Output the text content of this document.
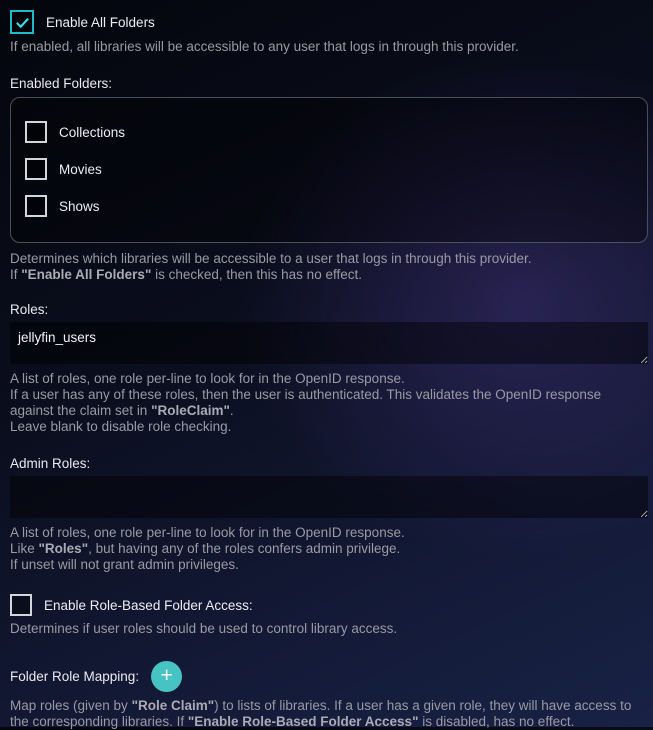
Enable All Folders
If enabled, all libraries will be accessible to any user that logs in through this provider.
Enabled Folders:
Collections
Movies
Shows
Determines which libraries will be accessible to a user that logs in through this provider.
If "Enable All Folders" is checked, then this has no effect.
Roles:
jellyfin_users
A list of roles, one role per-line to look for in the OpenID response.
If a user has any of these roles, then the user is authenticated. This validates the OpenID response against the claim set in "RoleClaim".
Leave blank to disable role checking.
Admin Roles:
A list of roles, one role per-line to look for in the OpenID response.
Like "Roles", but having any of the roles confers admin privilege.
If unset will not grant admin privileges.
Enable Role-Based Folder Access:
Determines if user roles should be used to control library access.
Folder Role Mapping: +
Map roles (given by "Role Claim") to lists of libraries. If a user has a given role, they will have access to the corresponding libraries. If "Enable Role-Based Folder Access" is disabled, has no effect.
